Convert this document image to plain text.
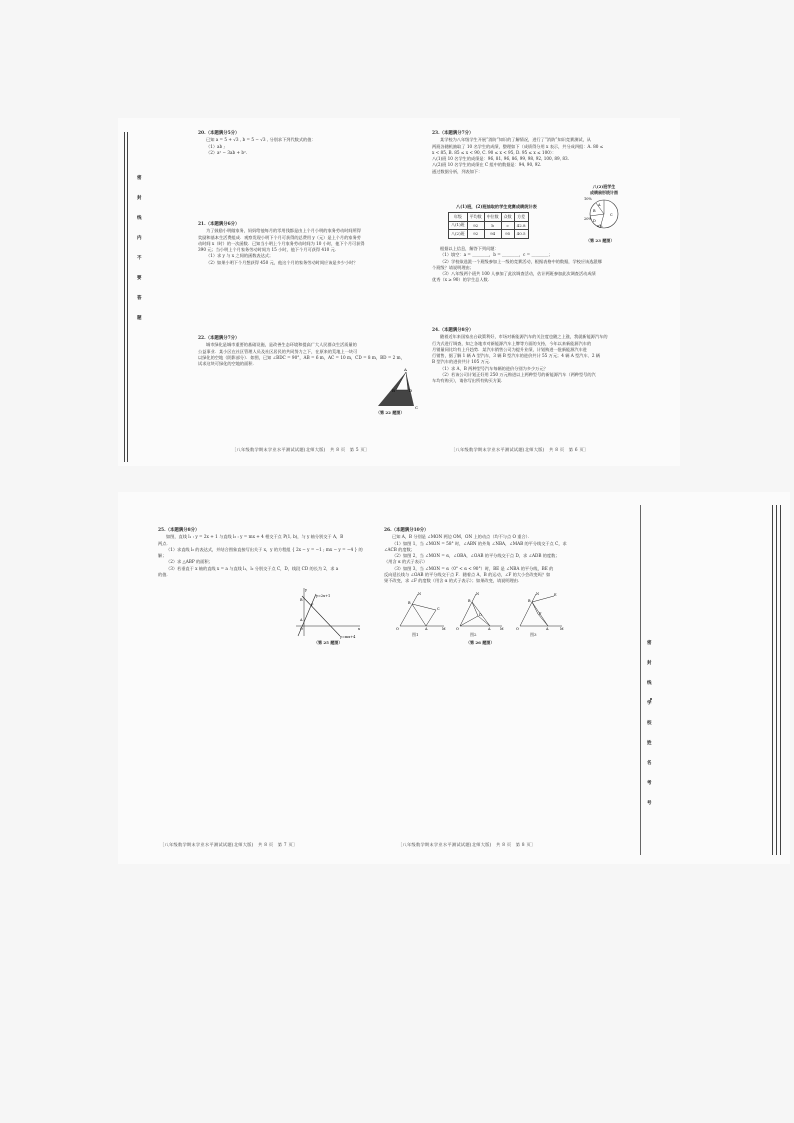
密
封
线
内
不
要
答
题

20.（本题满分5分）

已知 a = 5 + √3 , b = 5 − √3 , 分别求下列代数式的值：

（1）ab ;

（2）a² − 3ab + b².

21.（本题满分6分）

为了鼓励小明做家务，妈妈给他每月的零用钱都是由上个月小明的家务劳动时间所得

奖励和基本生活费组成．观察发现小明下个月可获得的总费用 y（元）是上个月的家务劳

动时间 x（时）的一次函数．已知当小明上个月家务劳动时间为 10 小时，他下个月可获得

390 元；当小明上个月家务劳动时间为 15 小时，他下个月可获得 410 元．

（1）求 y 与 x 之间的函数表达式；

（2）如果小明下个月想获得 450 元，他这个月的家务劳动时间应该是多少小时？

22.（本题满分7分）

城市绿化是城市重要的基础设施，是改善生态环境和提高广大人民群众生活质量的

公益事业．某小区在社区管理人员及社区居民的共同努力之下，在原来的荒地上一块可

以绿化的空地（阴影部分）．如图，已知 ∠BDC = 90°，AB = 6 m，AC = 10 m，CD = 8 m，BD = 2 m，

试求这块可绿化的空地的面积．

A
B
C
D
（第 22 题图）
［八年级数学期末学业水平测试试题(北师大版)　共 8 页　第 5 页］

23.（本题满分7分）

某学校为八年级学生开展“消防”知识的了解情况，进行了“消防”知识竞赛测试，从

两班各随机抽取了 10 名学生的成绩，整理如下（成绩得分用 x 表示，共分成四组：A. 80 ≤

x < 85, B. 85 ≤ x < 90, C. 90 ≤ x < 95, D. 95 ≤ x ≤ 100）：

八(1)班 10 名学生的成绩是：96, 81, 96, 86, 99, 98, 92, 100, 89, 83.

八(2)班 10 名学生的成绩在 C 组中的数据是：94, 90, 92.

通过数据分析，列表如下：

八(1)班，(2)班抽取的学生竞赛成绩统计表
年级	平均数	中位数	众数	方差
八(1)班	92	b	c	42.8
八(2)班	92	94	95	40.5
八(2)班学生
成绩扇形统计图
10%
A
B
C
D
20%
a%
（第 23 题图）

根据以上信息，解答下列问题：

（1）填空：a = ＿＿＿＿，b = ＿＿＿＿，c = ＿＿＿＿；

（2）学校欲选派一个班级参加上一级的竞赛活动，根据表格中的数据，学校应该选派哪

个班级？请说明理由；

（3）八年级两个班共 100 人参加了此次调查活动，估计两班参加此次调查活动成绩

优秀（x ≥ 90）的学生总人数．

24.（本题满分8分）

随着近年来国家出台政策利好，市场对新能源汽车的关注度也随之上涨，我就新能源汽车的

行为式进行调查，知之各地市对新能源汽车上牌等方面的支持，今年以来新能源汽车的

月销量同比均有上升趋势．某汽车销售公司为提升业绩，计划购进一批新能源汽车进

行销售，据了解 1 辆 A 型汽车，3 辆 B 型汽车的进价共计 55 万元；4 辆 A 型汽车、2 辆

B 型汽车的进价共计 105 万元．

（1）求 A，B 两种型号汽车每辆的进价分别为多少万元？

（2）若该公司计划正好用 250 万元购进以上两种型号的新能源汽车（两种型号的汽

车均有购买），请你写出所有购买方案．

［八年级数学期末学业水平测试试题(北师大版)　共 8 页　第 6 页］
密
封
线
学
校
姓
名
考
号

25.（本题满分8分）

如图，直线 l₁ : y = 2x + 1 与直线 l₂ : y = mx + 4 相交于点 P(1, b)，与 y 轴分别交于 A，B

两点．

（1）求直线 l₂ 的表达式，并结合图象直接写出关于 x，y 的方程组 { 2x − y = −1 ; mx − y = −4 } 的解；

（2）求 △ABP 的面积；

（3）若垂直于 x 轴的直线 x = a 与直线 l₁，l₂ 分别交于点 C，D，线段 CD 的长为 2，求 a

的值．

y
y=2x+1
P
B
A
O	x
y=mx+4
（第 25 题图）
［八年级数学期末学业水平测试试题(北师大版)　共 8 页　第 7 页］

26.（本题满分10分）

已知 A，B 分别是 ∠MON 两边 OM，ON 上的动点（均不与点 O 重合）．

（1）如图 1，当 ∠MON = 58° 时，∠ABN 的外角 ∠NBA，∠MAB 的平分线交于点 C，求

∠ACB 的度数；

（2）如图 2，当 ∠MON = α，∠OBA，∠OAB 的平分线交于点 D，求 ∠ADB 的度数；

（用含 α 的式子表示）

（3）如图 3，当 ∠MON = α（0° < α < 90°）时，BE 是 ∠NBA 的平分线，BE 的

反向延长线与 ∠OAB 的平分线交于点 F．随着点 A，B 的运动，∠F 的大小会改变吗？如

果不改变，求 ∠F 的度数（用含 α 的式子表示）；如果改变，请说明理由．

N
B
C
O	A	M
N
B
D
O	A	M
N
B
E
F
O	A	M
图1	图2	图3
（第 26 题图）
［八年级数学期末学业水平测试试题(北师大版)　共 8 页　第 8 页］
